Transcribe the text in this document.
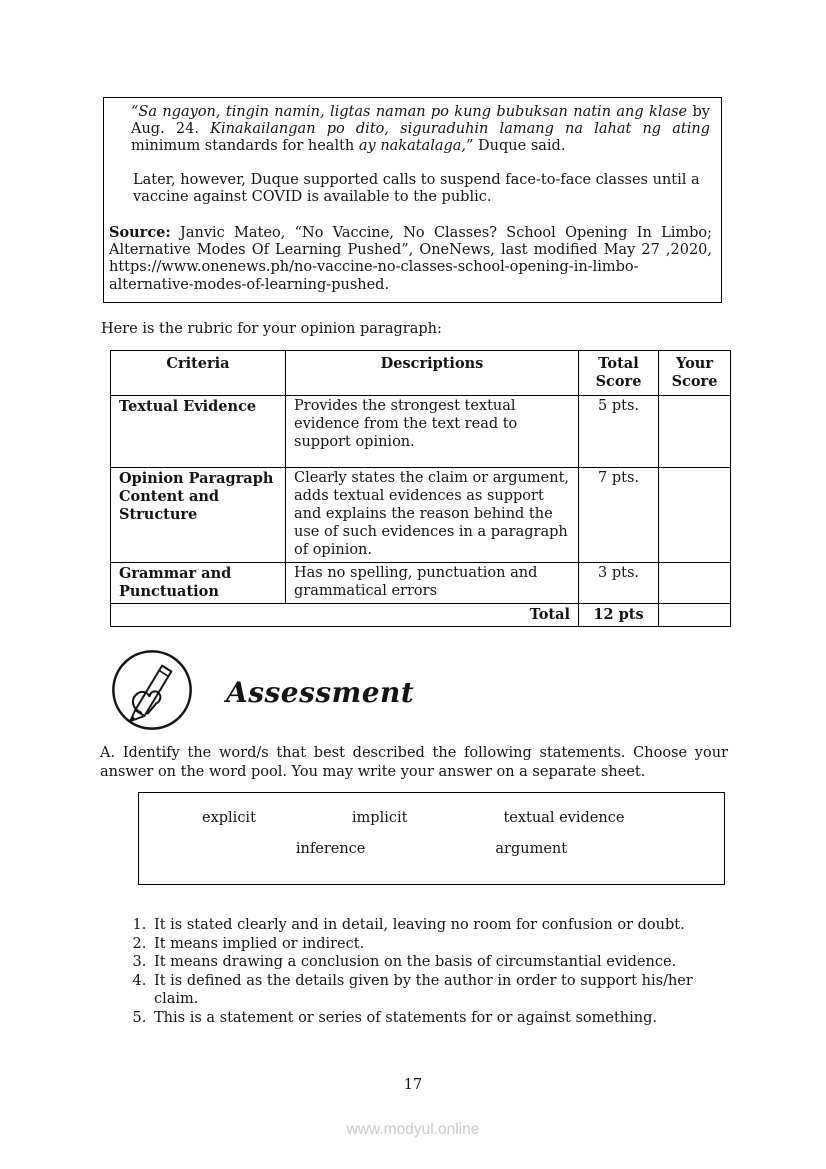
“Sa ngayon, tingin namin, ligtas naman po kung bubuksan natin ang klase by Aug. 24. Kinakailangan po dito, siguraduhin lamang na lahat ng ating minimum standards for health ay nakatalaga,” Duque said.

Later, however, Duque supported calls to suspend face-to-face classes until a vaccine against COVID is available to the public.

Source: Janvic Mateo, “No Vaccine, No Classes? School Opening In Limbo; Alternative Modes Of Learning Pushed”, OneNews, last modified May 27 ,2020, https://www.onenews.ph/no-vaccine-no-classes-school-opening-in-limbo-alternative-modes-of-learning-pushed.

Here is the rubric for your opinion paragraph:
Criteria	Descriptions	Total Score	Your Score
Textual Evidence	Provides the strongest textual evidence from the text read to support opinion.	5 pts.	
Opinion Paragraph Content and Structure	Clearly states the claim or argument, adds textual evidences as support and explains the reason behind the use of such evidences in a paragraph of opinion.	7 pts.	
Grammar and Punctuation	Has no spelling, punctuation and grammatical errors	3 pts.	
Total		12 pts	
Assessment
A. Identify the word/s that best described the following statements. Choose your answer on the word pool. You may write your answer on a separate sheet.
explicit	implicit	textual evidence
inference	argument
1. It is stated clearly and in detail, leaving no room for confusion or doubt.
2. It means implied or indirect.
3. It means drawing a conclusion on the basis of circumstantial evidence.
4. It is defined as the details given by the author in order to support his/her claim.
5. This is a statement or series of statements for or against something.
17
www.modyul.online
